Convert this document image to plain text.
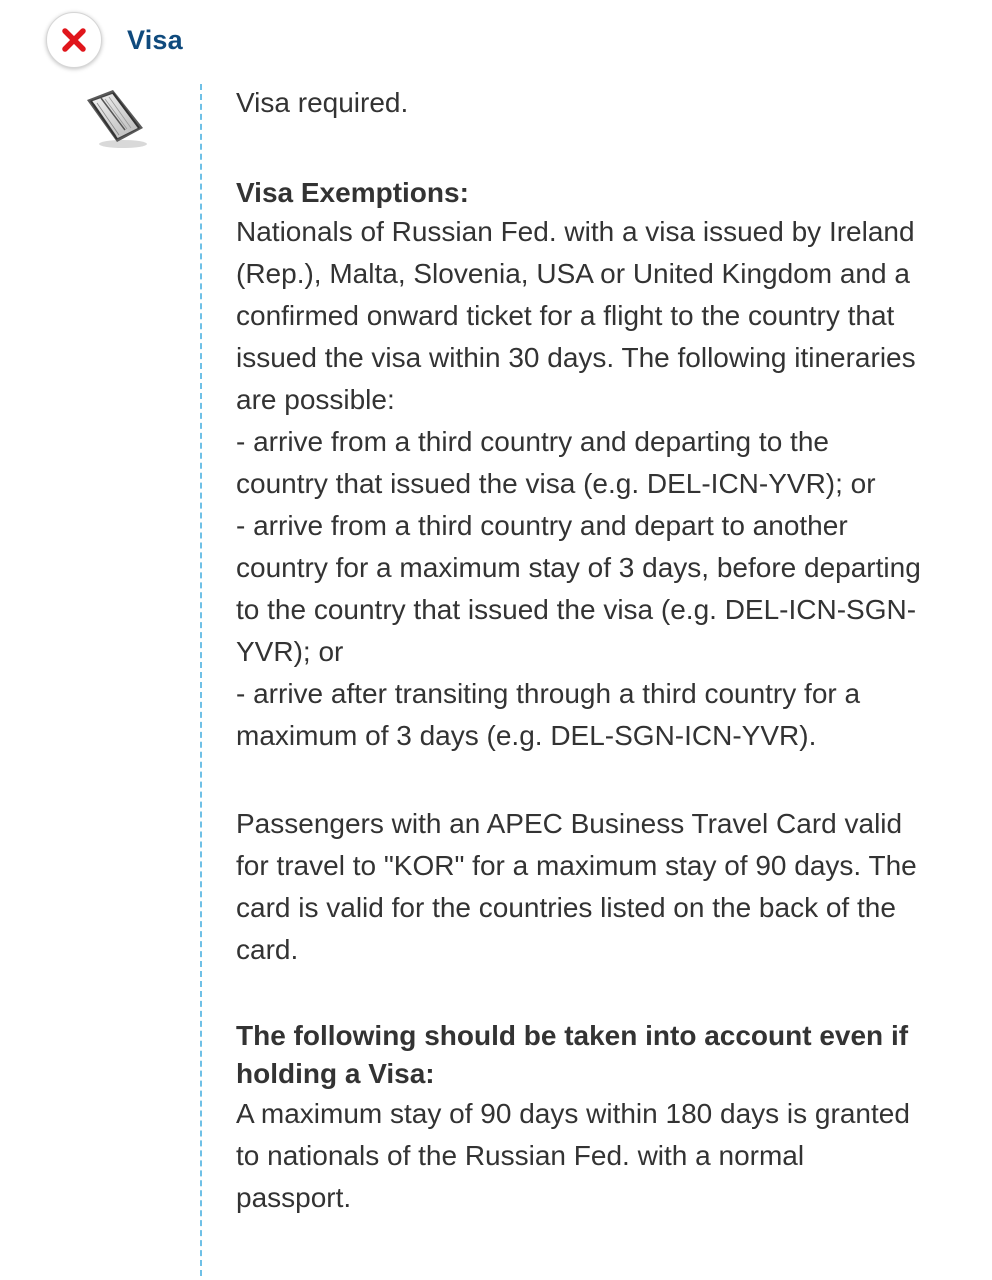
Visa

Visa required.

Visa Exemptions:

Nationals of Russian Fed. with a visa issued by Ireland (Rep.), Malta, Slovenia, USA or United Kingdom and a confirmed onward ticket for a flight to the country that issued the visa within 30 days. The following itineraries are possible:

- arrive from a third country and departing to the country that issued the visa (e.g. DEL-ICN-YVR); or

- arrive from a third country and depart to another country for a maximum stay of 3 days, before departing to the country that issued the visa (e.g. DEL-ICN-SGN-YVR); or

- arrive after transiting through a third country for a maximum of 3 days (e.g. DEL-SGN-ICN-YVR).

Passengers with an APEC Business Travel Card valid for travel to "KOR" for a maximum stay of 90 days. The card is valid for the countries listed on the back of the card.

The following should be taken into account even if holding a Visa:

A maximum stay of 90 days within 180 days is granted to nationals of the Russian Fed. with a normal passport.
